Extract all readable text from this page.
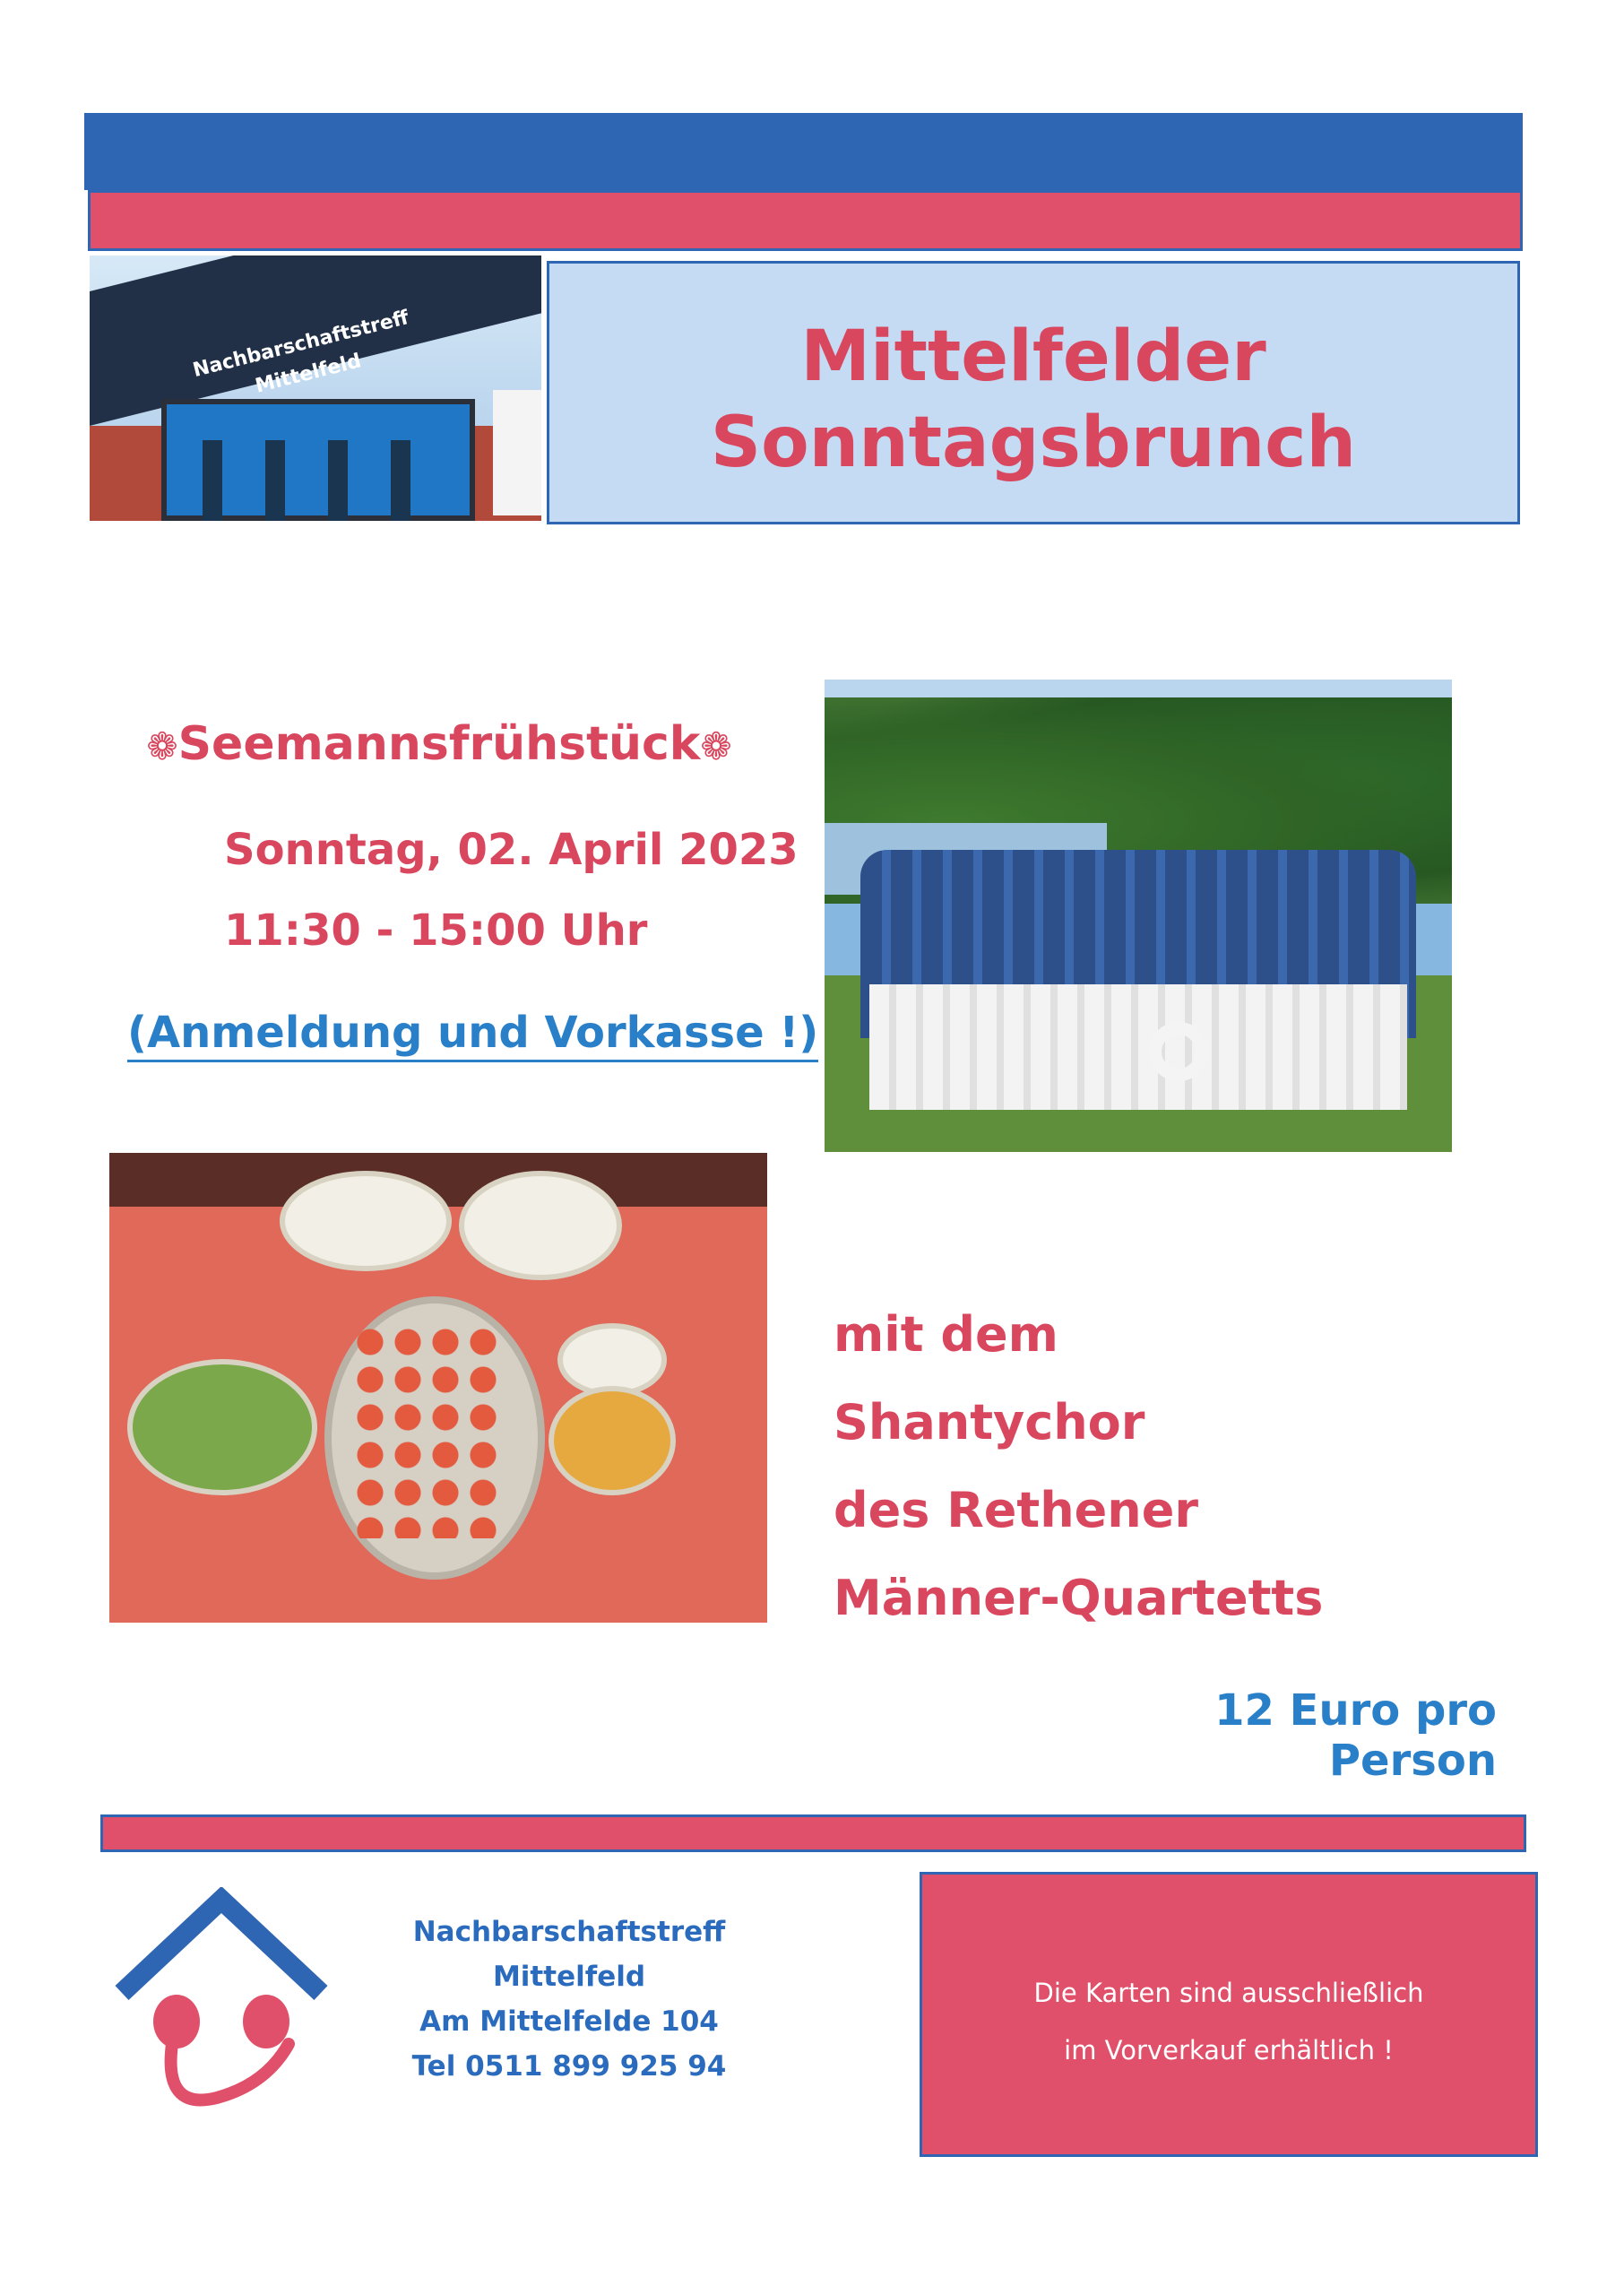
Nachbarschaftstreff Mittelfeld	Mittelfelder
Sonntagsbrunch
❁Seemannsfrühstück❁
Sonntag, 02. April 2023
11:30 - 15:00 Uhr
(Anmeldung und Vorkasse !)
mit dem
Shantychor
des Rethener
Männer-Quartetts
12 Euro pro Person
Nachbarschaftstreff
Mittelfeld
Am Mittelfelde 104
Tel 0511 899 925 94
Die Karten sind ausschließlich
im Vorverkauf erhältlich !
